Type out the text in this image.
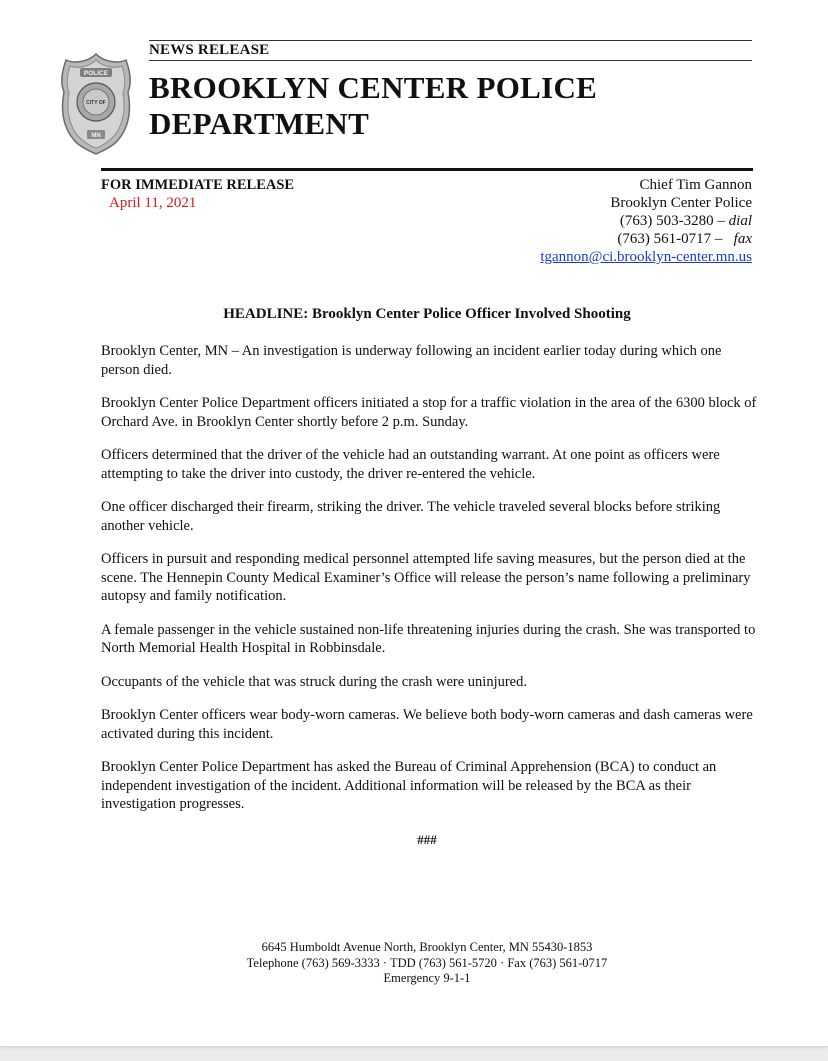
POLICE
CITY OF
MN
NEWS RELEASE
BROOKLYN CENTER POLICE
DEPARTMENT
FOR IMMEDIATE RELEASE
April 11, 2021
Chief Tim Gannon
Brooklyn Center Police
(763) 503-3280 – dial
(763) 561-0717 – fax
tgannon@ci.brooklyn-center.mn.us
HEADLINE: Brooklyn Center Police Officer Involved Shooting

Brooklyn Center, MN – An investigation is underway following an incident earlier today during which one person died.

Brooklyn Center Police Department officers initiated a stop for a traffic violation in the area of the 6300 block of Orchard Ave. in Brooklyn Center shortly before 2 p.m. Sunday.

Officers determined that the driver of the vehicle had an outstanding warrant. At one point as officers were attempting to take the driver into custody, the driver re-entered the vehicle.

One officer discharged their firearm, striking the driver. The vehicle traveled several blocks before striking another vehicle.

Officers in pursuit and responding medical personnel attempted life saving measures, but the person died at the scene. The Hennepin County Medical Examiner’s Office will release the person’s name following a preliminary autopsy and family notification.

A female passenger in the vehicle sustained non-life threatening injuries during the crash. She was transported to North Memorial Health Hospital in Robbinsdale.

Occupants of the vehicle that was struck during the crash were uninjured.

Brooklyn Center officers wear body-worn cameras. We believe both body-worn cameras and dash cameras were activated during this incident.

Brooklyn Center Police Department has asked the Bureau of Criminal Apprehension (BCA) to conduct an independent investigation of the incident. Additional information will be released by the BCA as their investigation progresses.

###
6645 Humboldt Avenue North, Brooklyn Center, MN 55430-1853
Telephone (763) 569-3333 · TDD (763) 561-5720 · Fax (763) 561-0717
Emergency 9-1-1
